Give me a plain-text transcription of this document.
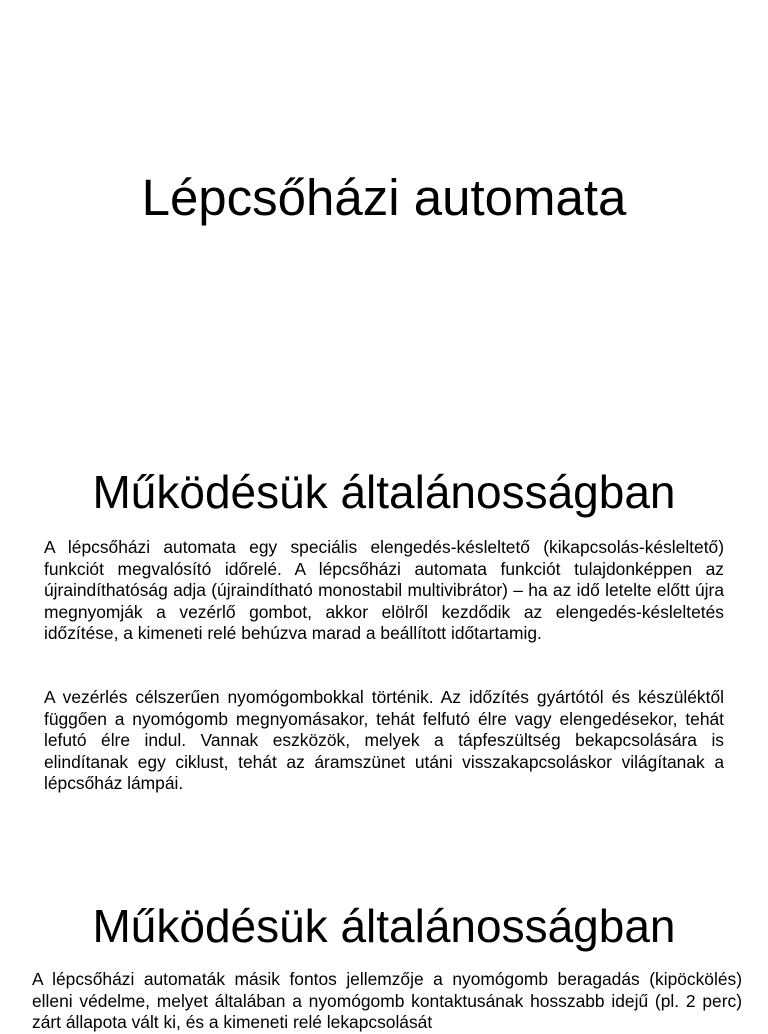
Lépcsőházi automata
Működésük általánosságban

A lépcsőházi automata egy speciális elengedés-késleltető (kikapcsolás-késleltető) funkciót megvalósító időrelé. A lépcsőházi automata funkciót tulajdonképpen az újraindíthatóság adja (újraindítható monostabil multivibrátor) – ha az idő letelte előtt újra megnyomják a vezérlő gombot, akkor elölről kezdődik az elengedés-késleltetés időzítése, a kimeneti relé behúzva marad a beállított időtartamig.

A vezérlés célszerűen nyomógombokkal történik. Az időzítés gyártótól és készüléktől függően a nyomógomb megnyomásakor, tehát felfutó élre vagy elengedésekor, tehát lefutó élre indul. Vannak eszközök, melyek a tápfeszültség bekapcsolására is elindítanak egy ciklust, tehát az áramszünet utáni visszakapcsoláskor világítanak a lépcsőház lámpái.

Működésük általánosságban

A lépcsőházi automaták másik fontos jellemzője a nyomógomb beragadás (kipöckölés) elleni védelme, melyet általában a nyomógomb kontaktusának hosszabb idejű (pl. 2 perc) zárt állapota vált ki, és a kimeneti relé lekapcsolását
